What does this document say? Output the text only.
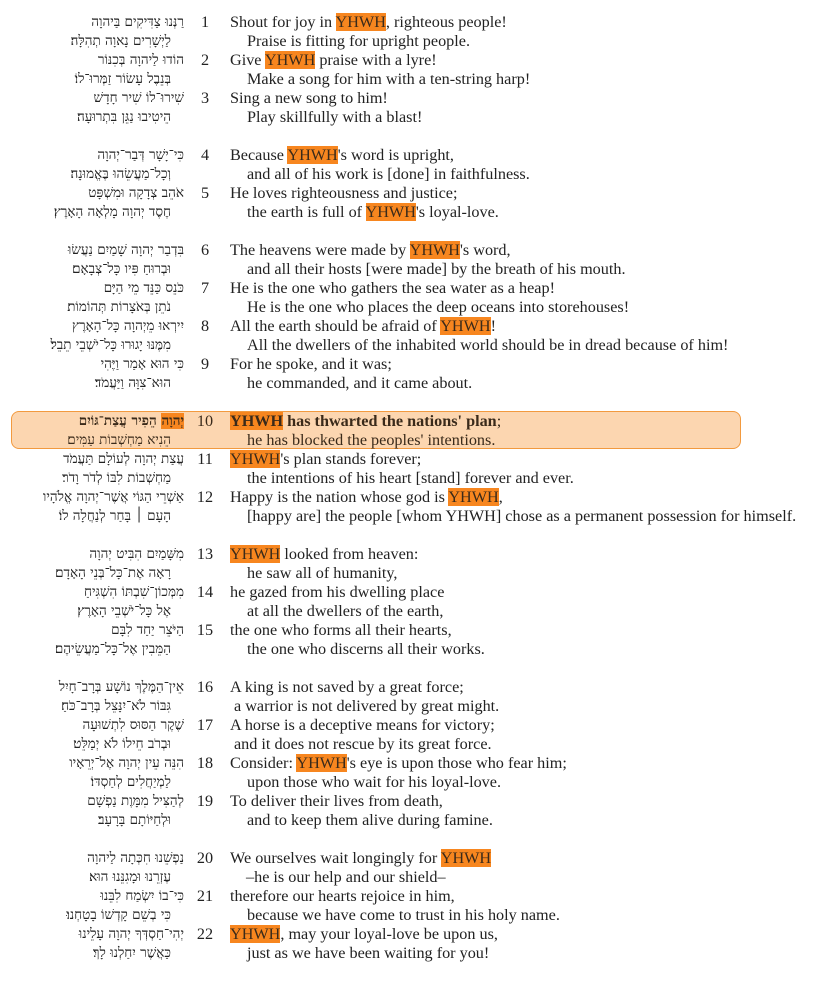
רַנְּנוּ צַדִּיקִים בַּיהוָה	1	Shout for joy in YHWH, righteous people!
לַיְשָׁרִים נָאוָה תְהִלָּה׃	Praise is fitting for upright people.
הוֹדוּ לַיהוָה בְּכִנּוֹר	2	Give YHWH praise with a lyre!
בְּנֵבֶל עָשׂוֹר זַמְּרוּ־לוֹ׃	Make a song for him with a ten-string harp!
שִׁירוּ־לוֹ שִׁיר חָדָשׁ	3	Sing a new song to him!
הֵיטִיבוּ נַגֵּן בִּתְרוּעָה׃	Play skillfully with a blast!
כִּי־יָשָׁר דְּבַר־יְהוָה	4	Because YHWH's word is upright,
וְכָל־מַעֲשֵׂהוּ בֶּאֱמוּנָה׃	and all of his work is [done] in faithfulness.
אֹהֵב צְדָקָה וּמִשְׁפָּט	5	He loves righteousness and justice;
חֶסֶד יְהוָה מָלְאָה הָאָרֶץ׃	the earth is full of YHWH's loyal-love.
בִּדְבַר יְהוָה שָׁמַיִם נַעֲשׂוּ	6	The heavens were made by YHWH's word,
וּבְרוּחַ פִּיו כָּל־צְבָאָם׃	and all their hosts [were made] by the breath of his mouth.
כֹּנֵס כַּנֵּד מֵי הַיָּם	7	He is the one who gathers the sea water as a heap!
נֹתֵן בְּאֹצָרוֹת תְּהוֹמוֹת׃	He is the one who places the deep oceans into storehouses!
יִירְאוּ מֵיְהוָה כָּל־הָאָרֶץ	8	All the earth should be afraid of YHWH!
מִמֶּנּוּ יָגוּרוּ כָּל־יֹשְׁבֵי תֵבֵל׃	All the dwellers of the inhabited world should be in dread because of him!
כִּי הוּא אָמַר וַיֶּהִי	9	For he spoke, and it was;
הוּא־צִוָּה וַיַּעֲמֹד׃	he commanded, and it came about.
יְהוָה הֵפִיר עֲצַת־גּוֹיִם	10	YHWH has thwarted the nations' plan;
הֵנִיא מַחְשְׁבוֹת עַמִּים׃	he has blocked the peoples' intentions.
עֲצַת יְהוָה לְעוֹלָם תַּעֲמֹד 11	YHWH's plan stands forever;
מַחְשְׁבוֹת לִבּוֹ לְדֹר וָדֹר׃	the intentions of his heart [stand] forever and ever.
אַשְׁרֵי הַגּוֹי אֲשֶׁר־יְהוָה אֱלֹהָיו 12	Happy is the nation whose god is YHWH,
הָעָם ׀ בָּחַר לְנַחֲלָה לוֹ׃	[happy are] the people [whom YHWH] chose as a permanent possession for himself.
מִשָּׁמַיִם הִבִּיט יְהוָה 13	YHWH looked from heaven:
רָאָה אֶת־כָּל־בְּנֵי הָאָדָם׃	he saw all of humanity,
מִמְּכוֹן־שִׁבְתּוֹ הִשְׁגִּיחַ 14	he gazed from his dwelling place
אֶל כָּל־יֹשְׁבֵי הָאָרֶץ׃	at all the dwellers of the earth,
הַיֹּצֵר יַחַד לִבָּם 15	the one who forms all their hearts,
הַמֵּבִין אֶל־כָּל־מַעֲשֵׂיהֶם׃	the one who discerns all their works.
אֵין־הַמֶּלֶךְ נוֹשָׁע בְּרָב־חָיִל 16	A king is not saved by a great force;
גִּבּוֹר לֹא־יִנָּצֵל בְּרָב־כֹּחַ׃	a warrior is not delivered by great might.
שֶׁקֶר הַסּוּס לִתְשׁוּעָה 17	A horse is a deceptive means for victory;
וּבְרֹב חֵילוֹ לֹא יְמַלֵּט׃	and it does not rescue by its great force.
הִנֵּה עֵין יְהוָה אֶל־יְרֵאָיו 18	Consider: YHWH's eye is upon those who fear him;
לַמְיַחֲלִים לְחַסְדּוֹ׃	upon those who wait for his loyal-love.
לְהַצִּיל מִמָּוֶת נַפְשָׁם 19	To deliver their lives from death,
וּלְחַיּוֹתָם בָּרָעָב׃	and to keep them alive during famine.
נַפְשֵׁנוּ חִכְּתָה לַיהוָה 20	We ourselves wait longingly for YHWH
עֶזְרֵנוּ וּמָגִנֵּנוּ הוּא׃	–he is our help and our shield–
כִּי־בוֹ יִשְׂמַח לִבֵּנוּ 21	therefore our hearts rejoice in him,
כִּי בְשֵׁם קָדְשׁוֹ בָטָחְנוּ׃	because we have come to trust in his holy name.
יְהִי־חַסְדְּךָ יְהוָה עָלֵינוּ 22	YHWH, may your loyal-love be upon us,
כַּאֲשֶׁר יִחַלְנוּ לָךְ׃	just as we have been waiting for you!
